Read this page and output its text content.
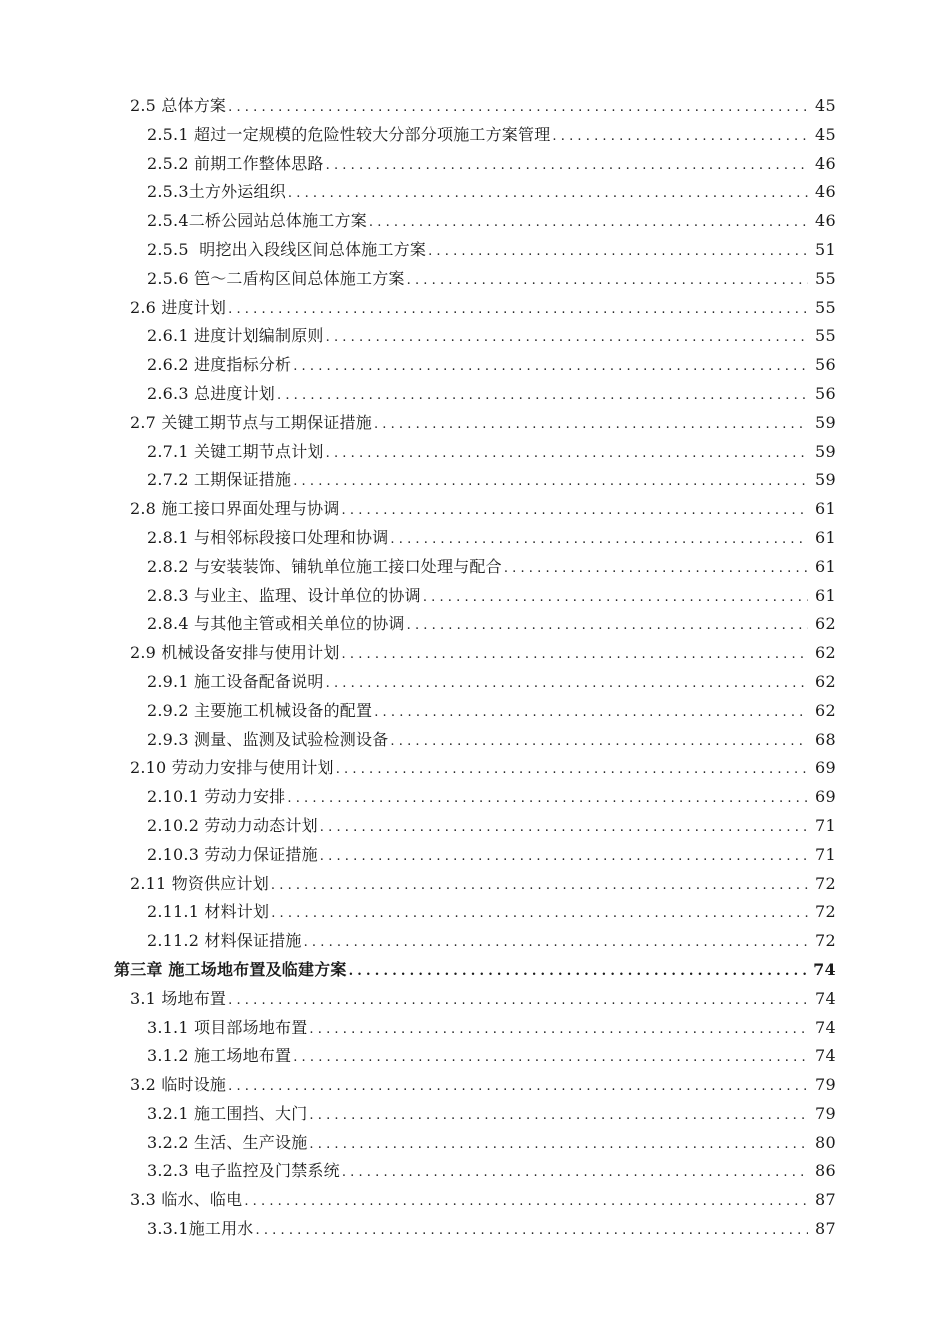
2.5 总体方案 .....	45
2.5.1 超过一定规模的危险性较大分部分项施工方案管理 .....	45
2.5.2 前期工作整体思路 .....	46
2.5.3土方外运组织 .....	46
2.5.4二桥公园站总体施工方案 .....	46
2.5.5  明挖出入段线区间总体施工方案 .....	51
2.5.6 笆～二盾构区间总体施工方案 .....	55
2.6 进度计划 .....	55
2.6.1 进度计划编制原则 .....	55
2.6.2 进度指标分析 .....	56
2.6.3 总进度计划 .....	56
2.7 关键工期节点与工期保证措施 .....	59
2.7.1 关键工期节点计划 .....	59
2.7.2 工期保证措施 .....	59
2.8 施工接口界面处理与协调 .....	61
2.8.1 与相邻标段接口处理和协调 .....	61
2.8.2 与安装装饰、铺轨单位施工接口处理与配合 .....	61
2.8.3 与业主、监理、设计单位的协调 .....	61
2.8.4 与其他主管或相关单位的协调 .....	62
2.9 机械设备安排与使用计划 .....	62
2.9.1 施工设备配备说明 .....	62
2.9.2 主要施工机械设备的配置 .....	62
2.9.3 测量、监测及试验检测设备 .....	68
2.10 劳动力安排与使用计划 .....	69
2.10.1 劳动力安排 .....	69
2.10.2 劳动力动态计划 .....	71
2.10.3 劳动力保证措施 .....	71
2.11 物资供应计划 .....	72
2.11.1 材料计划 .....	72
2.11.2 材料保证措施 .....	72
第三章 施工场地布置及临建方案 .....	74
3.1 场地布置 .....	74
3.1.1 项目部场地布置 .....	74
3.1.2 施工场地布置 .....	74
3.2 临时设施 .....	79
3.2.1 施工围挡、大门 .....	79
3.2.2 生活、生产设施 .....	80
3.2.3 电子监控及门禁系统 .....	86
3.3 临水、临电 .....	87
3.3.1施工用水 .....	87
